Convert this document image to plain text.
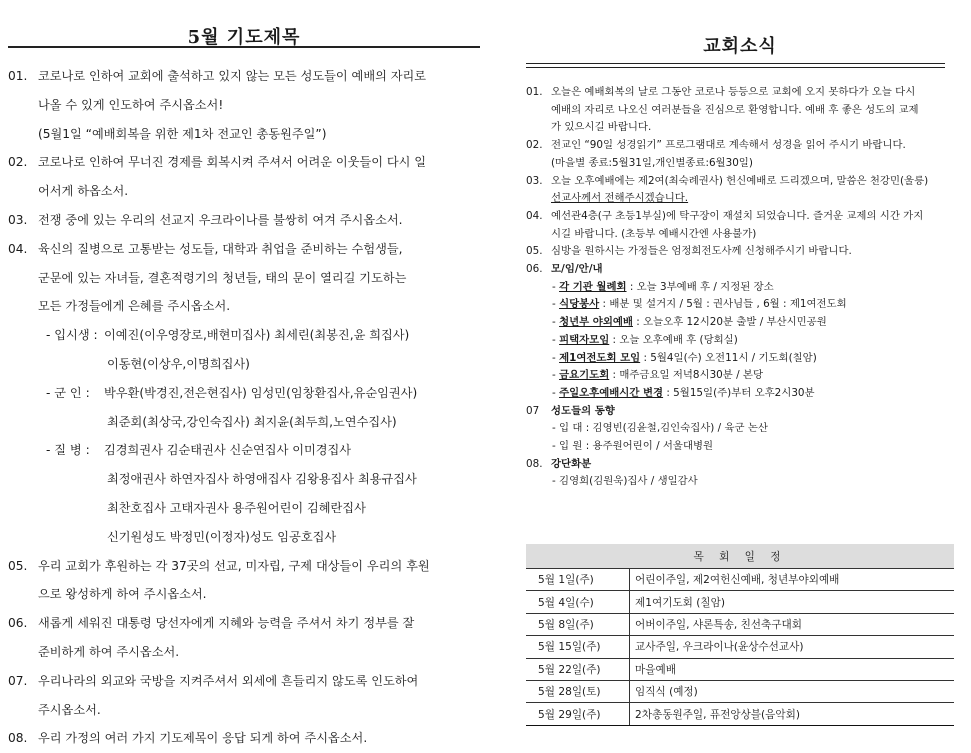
5월 기도제목
01. 코로나로 인하여 교회에 출석하고 있지 않는 모든 성도들이 예배의 자리로
나올 수 있게 인도하여 주시옵소서!
(5월1일 “예배회복을 위한 제1차 전교인 총동원주일”)
02. 코로나로 인하여 무너진 경제를 회복시켜 주셔서 어려운 이웃들이 다시 일
어서게 하옵소서.
03. 전쟁 중에 있는 우리의 선교지 우크라이나를 불쌍히 여겨 주시옵소서.
04. 육신의 질병으로 고통받는 성도들, 대학과 취업을 준비하는 수험생들,
군문에 있는 자녀들, 결혼적령기의 청년들, 태의 문이 열리길 기도하는
모든 가정들에게 은혜를 주시옵소서.
- 입시생 : 이예진(이우영장로,배현미집사) 최세린(최봉진,윤 희집사)
이동현(이상우,이명희집사)
- 군 인 : 박우환(박경진,전은현집사) 임성민(임창환집사,유순임권사)
최준회(최상국,강인숙집사) 최지윤(최두희,노연수집사)
- 질 병 : 김경희권사 김순태권사 신순연집사 이미경집사
최정애권사 하연자집사 하영애집사 김왕용집사 최용규집사
최찬호집사 고태자권사 용주원어린이 김혜란집사
신기원성도 박정민(이정자)성도 임공호집사
05. 우리 교회가 후원하는 각 37곳의 선교, 미자립, 구제 대상들이 우리의 후원
으로 왕성하게 하여 주시옵소서.
06. 새롭게 세워진 대통령 당선자에게 지혜와 능력을 주셔서 차기 정부를 잘
준비하게 하여 주시옵소서.
07. 우리나라의 외교와 국방을 지켜주셔서 외세에 흔들리지 않도록 인도하여
주시옵소서.
08. 우리 가정의 여러 가지 기도제목이 응답 되게 하여 주시옵소서.
교회소식
01. 오늘은 예배회복의 날로 그동안 코로나 등등으로 교회에 오지 못하다가 오늘 다시
예배의 자리로 나오신 여러분들을 진심으로 환영합니다. 예배 후 좋은 성도의 교제
가 있으시길 바랍니다.
02. 전교인 “90일 성경읽기” 프로그램대로 계속해서 성경을 읽어 주시기 바랍니다.
(마을별 종료:5월31일,개인별종료:6월30일)
03. 오늘 오후예배에는 제2여(최숙례권사) 헌신예배로 드리겠으며, 말씀은 천강민(울릉)
선교사께서 전해주시겠습니다.
04. 예선관4층(구 초등1부실)에 탁구장이 재설치 되었습니다. 즐거운 교제의 시간 가지
시길 바랍니다. (초등부 예배시간엔 사용불가)
05. 심방을 원하시는 가정들은 엄정희전도사께 신청해주시기 바랍니다.
06. 모/임/안/내
- 각 기관 월례회 : 오늘 3부예배 후 / 지정된 장소
- 식당봉사 : 배분 및 설거지 / 5월 : 권사님들 , 6월 : 제1여전도회
- 청년부 야외예배 : 오늘오후 12시20분 출발 / 부산시민공원
- 피택자모임 : 오늘 오후예배 후 (당회실)
- 제1여전도회 모임 : 5월4일(수) 오전11시 / 기도회(칠암)
- 금요기도회 : 매주금요일 저녁8시30분 / 본당
- 주일오후예배시간 변경 : 5월15일(주)부터 오후2시30분
07 성도들의 동향
- 입 대 : 김영빈(김윤철,김인숙집사) / 육군 논산
- 입 원 : 용주원어린이 / 서울대병원
08. 강단화분
- 김영희(김원욱)집사 / 생일감사
목 회 일 정	
5월 1일(주)	어린이주일, 제2여헌신예배, 청년부야외예배
5월 4일(수)	제1여기도회 (칠암)
5월 8일(주)	어버이주일, 샤론특송, 친선축구대회
5월 15일(주)	교사주일, 우크라이나(윤상수선교사)
5월 22일(주)	마을예배
5월 28일(토)	임직식 (예정)
5월 29일(주)	2차총동원주일, 퓨전앙상블(음악회)
